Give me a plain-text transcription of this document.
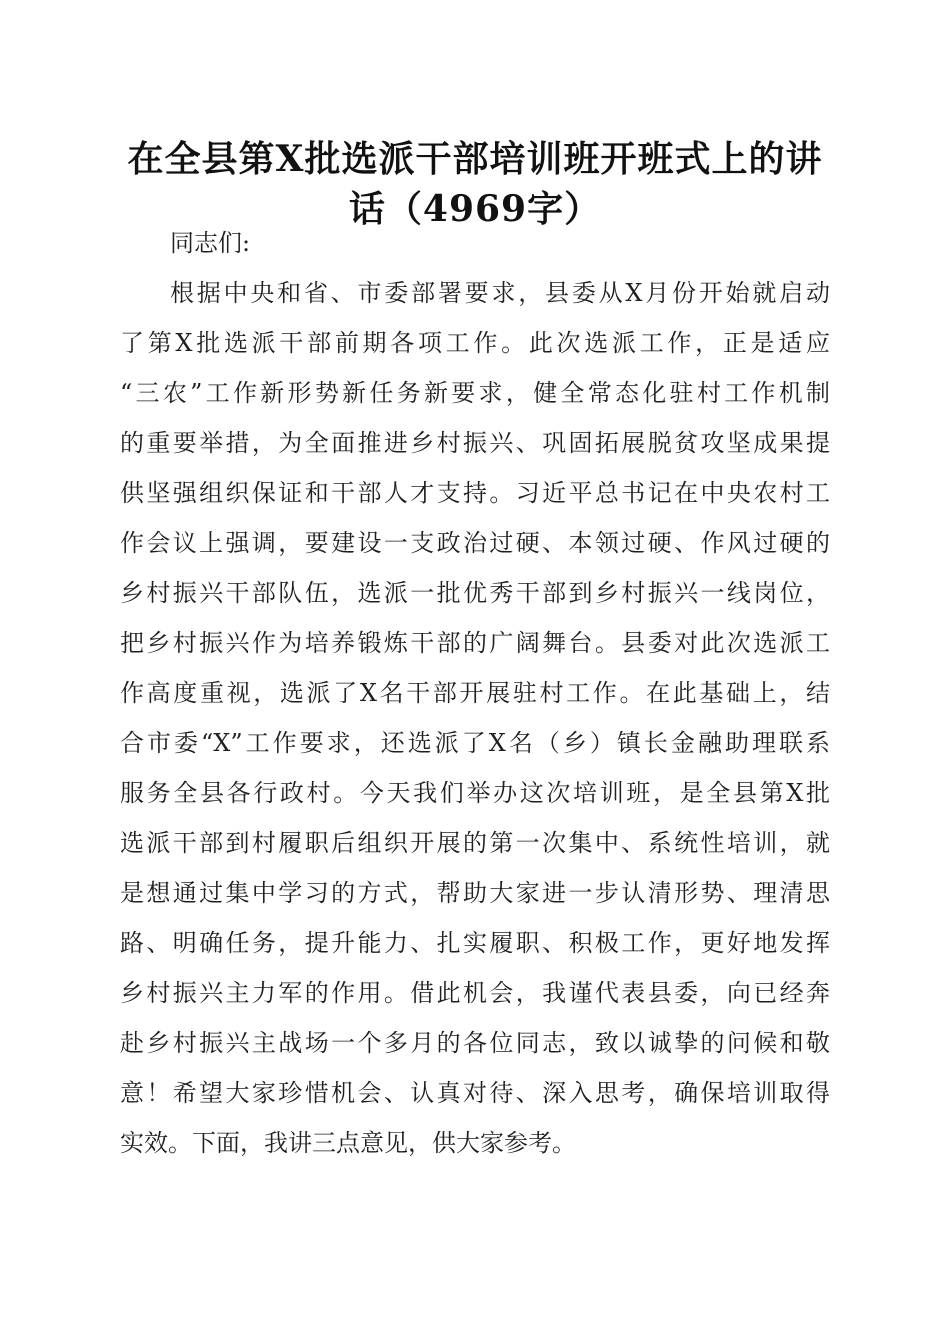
在全县第X批选派干部培训班开班式上的讲
话（4969字）
同志们:
根据中央和省、市委部署要求，县委从X月份开始就启动
了第X批选派干部前期各项工作。此次选派工作，正是适应
“三农”工作新形势新任务新要求，健全常态化驻村工作机制
的重要举措，为全面推进乡村振兴、巩固拓展脱贫攻坚成果提
供坚强组织保证和干部人才支持。习近平总书记在中央农村工
作会议上强调，要建设一支政治过硬、本领过硬、作风过硬的
乡村振兴干部队伍，选派一批优秀干部到乡村振兴一线岗位，
把乡村振兴作为培养锻炼干部的广阔舞台。县委对此次选派工
作高度重视，选派了X名干部开展驻村工作。在此基础上，结
合市委“X”工作要求，还选派了X名（乡）镇长金融助理联系
服务全县各行政村。今天我们举办这次培训班，是全县第X批
选派干部到村履职后组织开展的第一次集中、系统性培训，就
是想通过集中学习的方式，帮助大家进一步认清形势、理清思
路、明确任务，提升能力、扎实履职、积极工作，更好地发挥
乡村振兴主力军的作用。借此机会，我谨代表县委，向已经奔
赴乡村振兴主战场一个多月的各位同志，致以诚挚的问候和敬
意！希望大家珍惜机会、认真对待、深入思考，确保培训取得
实效。下面，我讲三点意见，供大家参考。
